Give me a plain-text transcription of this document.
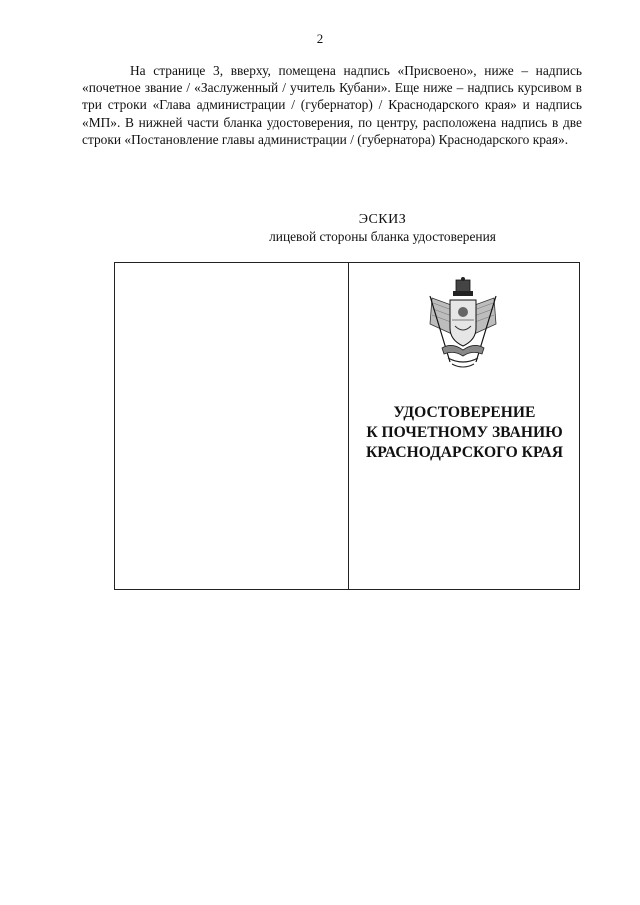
2

На странице 3, вверху, помещена надпись «Присвоено», ниже – надпись «почетное звание / «Заслуженный / учитель Кубани». Еще ниже – надпись курсивом в три строки «Глава администрации / (губернатор) / Краснодарского края» и надпись «МП». В нижней части бланка удостоверения, по центру, расположена надпись в две строки «Постановление главы администрации / (губернатора) Краснодарского края».

ЭСКИЗ
лицевой стороны бланка удостоверения
УДОСТОВЕРЕНИЕ
К ПОЧЕТНОМУ ЗВАНИЮ
КРАСНОДАРСКОГО КРАЯ
